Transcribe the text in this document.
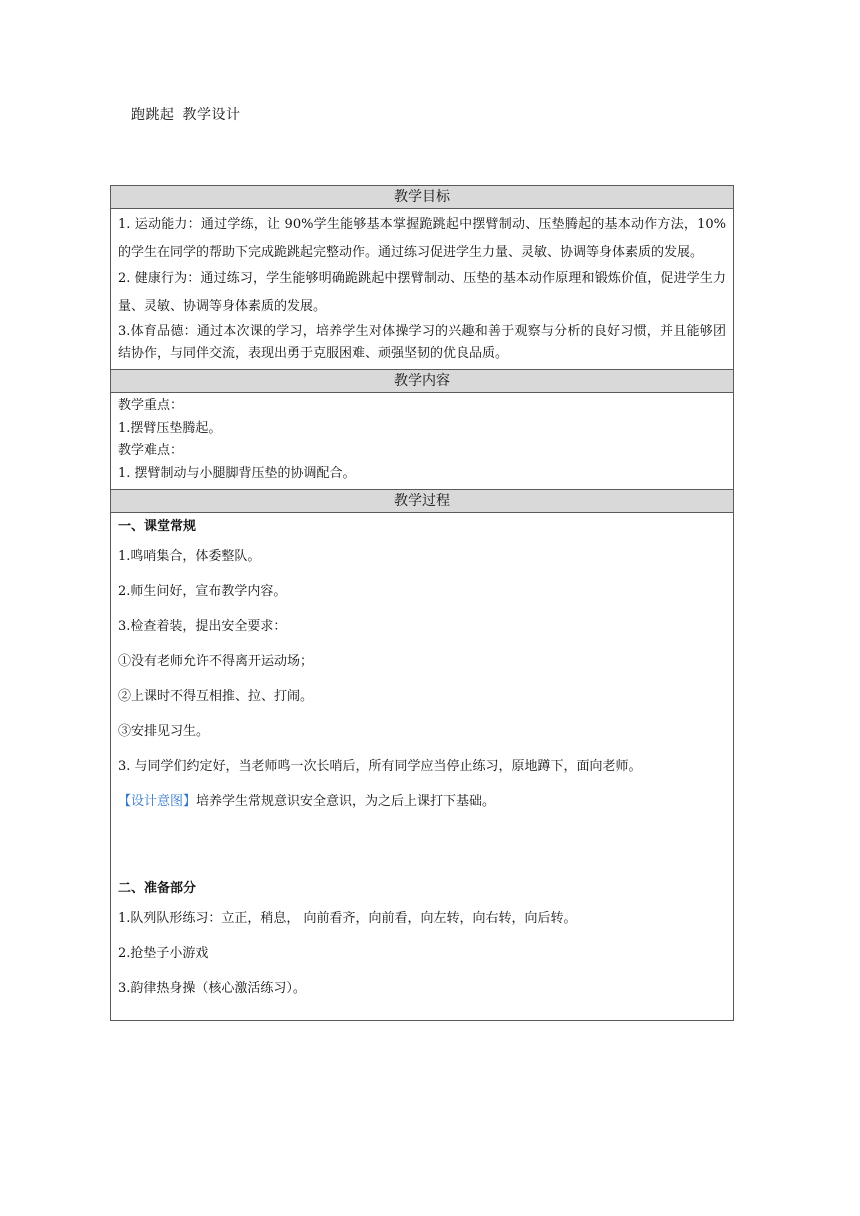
跑跳起 教学设计
教学目标

1. 运动能力：通过学练，让 90%学生能够基本掌握跪跳起中摆臂制动、压垫腾起的基本动作方法，10%的学生在同学的帮助下完成跪跳起完整动作。通过练习促进学生力量、灵敏、协调等身体素质的发展。

2. 健康行为：通过练习，学生能够明确跪跳起中摆臂制动、压垫的基本动作原理和锻炼价值，促进学生力量、灵敏、协调等身体素质的发展。

3.体育品德：通过本次课的学习，培养学生对体操学习的兴趣和善于观察与分析的良好习惯，并且能够团结协作，与同伴交流，表现出勇于克服困难、顽强坚韧的优良品质。

教学内容

教学重点：

1.摆臂压垫腾起。

教学难点：

1. 摆臂制动与小腿脚背压垫的协调配合。

教学过程

一、课堂常规

1.鸣哨集合，体委整队。

2.师生问好，宣布教学内容。

3.检查着装，提出安全要求：

①没有老师允许不得离开运动场；

②上课时不得互相推、拉、打闹。

③安排见习生。

3. 与同学们约定好，当老师鸣一次长哨后，所有同学应当停止练习，原地蹲下，面向老师。

【设计意图】培养学生常规意识安全意识，为之后上课打下基础。

二、准备部分

1.队列队形练习：立正，稍息， 向前看齐，向前看，向左转，向右转，向后转。

2.抢垫子小游戏

3.韵律热身操（核心激活练习）。
